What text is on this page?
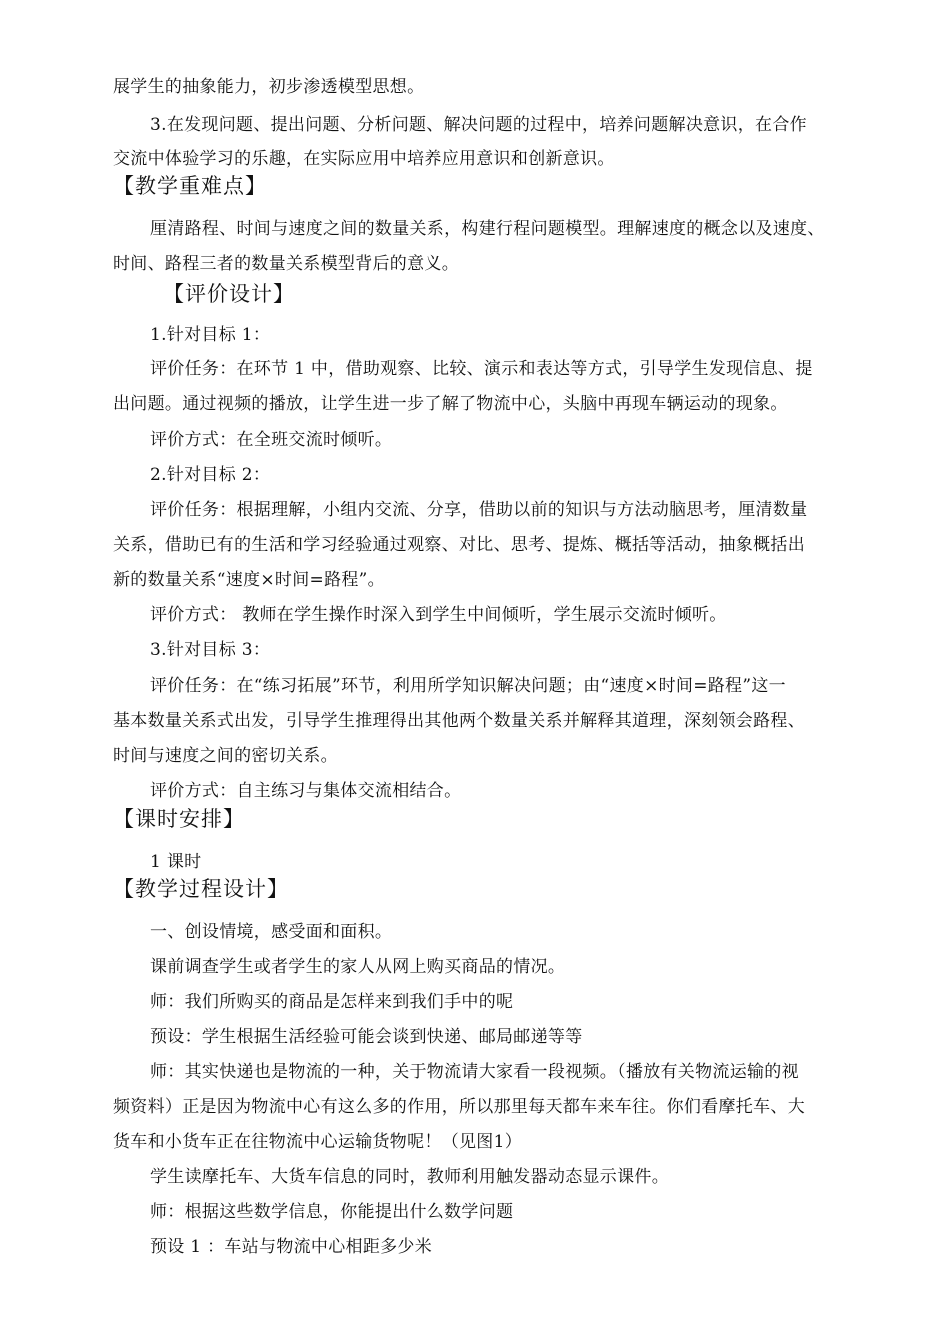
展学生的抽象能力，初步渗透模型思想。
3.在发现问题、提出问题、分析问题、解决问题的过程中，培养问题解决意识，在合作
交流中体验学习的乐趣，在实际应用中培养应用意识和创新意识。
【教学重难点】
厘清路程、时间与速度之间的数量关系，构建行程问题模型。理解速度的概念以及速度、
时间、路程三者的数量关系模型背后的意义。
【评价设计】
1.针对目标 1：
评价任务：在环节 1 中，借助观察、比较、演示和表达等方式，引导学生发现信息、提
出问题。通过视频的播放，让学生进一步了解了物流中心，头脑中再现车辆运动的现象。
评价方式：在全班交流时倾听。
2.针对目标 2：
评价任务：根据理解，小组内交流、分享，借助以前的知识与方法动脑思考，厘清数量
关系，借助已有的生活和学习经验通过观察、对比、思考、提炼、概括等活动，抽象概括出
新的数量关系“速度×时间=路程”。
评价方式： 教师在学生操作时深入到学生中间倾听，学生展示交流时倾听。
3.针对目标 3：
评价任务：在“练习拓展”环节，利用所学知识解决问题；由“速度×时间=路程”这一
基本数量关系式出发，引导学生推理得出其他两个数量关系并解释其道理，深刻领会路程、
时间与速度之间的密切关系。
评价方式：自主练习与集体交流相结合。
【课时安排】
1 课时
【教学过程设计】
一、创设情境，感受面和面积。
课前调查学生或者学生的家人从网上购买商品的情况。
师：我们所购买的商品是怎样来到我们手中的呢
预设：学生根据生活经验可能会谈到快递、邮局邮递等等
师：其实快递也是物流的一种，关于物流请大家看一段视频。（播放有关物流运输的视
频资料）正是因为物流中心有这么多的作用，所以那里每天都车来车往。你们看摩托车、大
货车和小货车正在往物流中心运输货物呢！（见图1）
学生读摩托车、大货车信息的同时，教师利用触发器动态显示课件。
师：根据这些数学信息，你能提出什么数学问题
预设 1 ：车站与物流中心相距多少米
